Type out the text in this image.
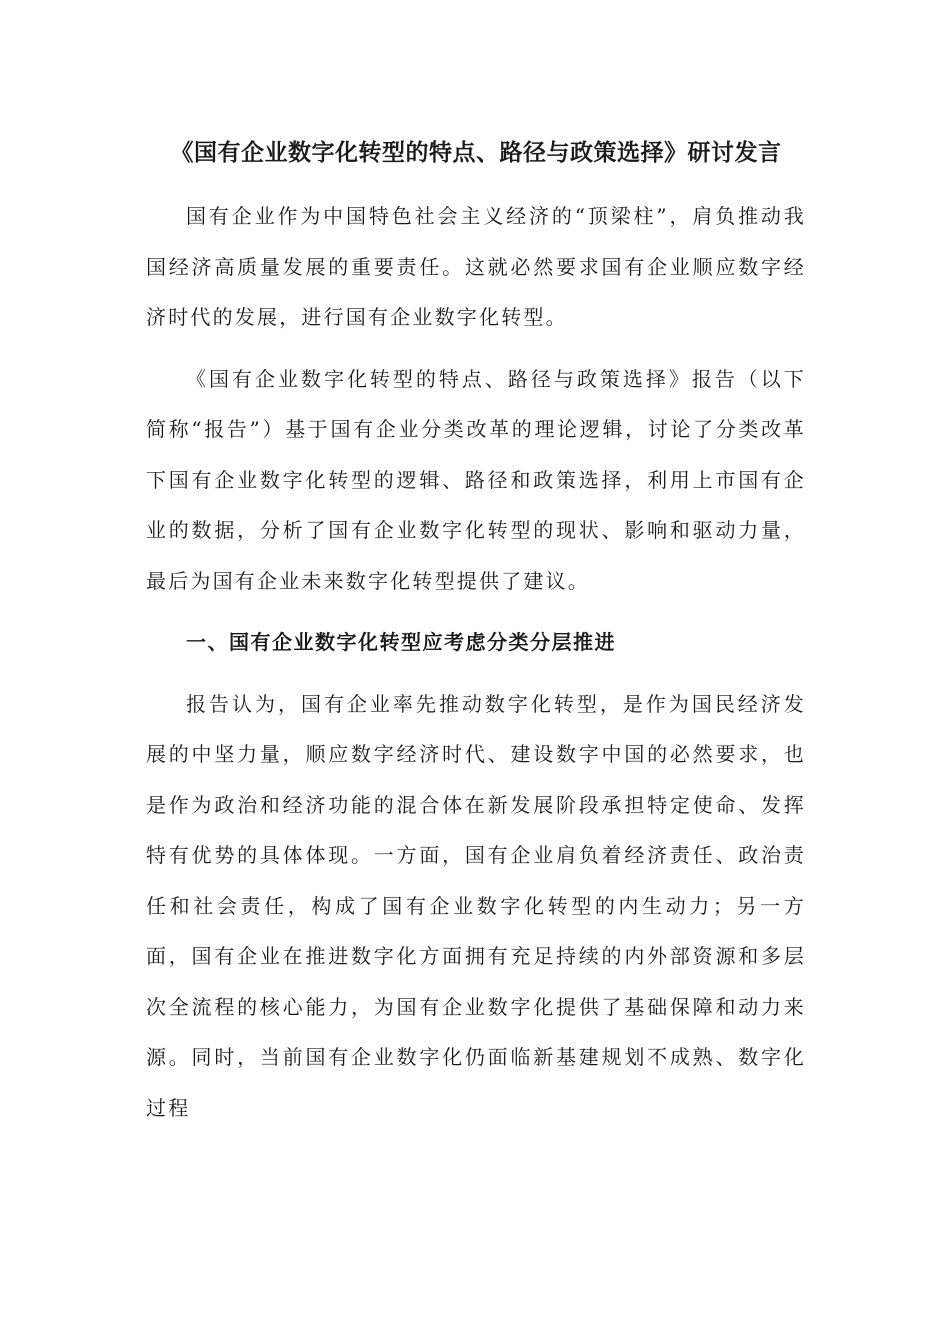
《国有企业数字化转型的特点、路径与政策选择》研讨发言

国有企业作为中国特色社会主义经济的“顶梁柱”，肩负推动我国经济高质量发展的重要责任。这就必然要求国有企业顺应数字经济时代的发展，进行国有企业数字化转型。

《国有企业数字化转型的特点、路径与政策选择》报告（以下简称“报告”）基于国有企业分类改革的理论逻辑，讨论了分类改革下国有企业数字化转型的逻辑、路径和政策选择，利用上市国有企业的数据，分析了国有企业数字化转型的现状、影响和驱动力量，最后为国有企业未来数字化转型提供了建议。

一、国有企业数字化转型应考虑分类分层推进

报告认为，国有企业率先推动数字化转型，是作为国民经济发展的中坚力量，顺应数字经济时代、建设数字中国的必然要求，也是作为政治和经济功能的混合体在新发展阶段承担特定使命、发挥特有优势的具体体现。一方面，国有企业肩负着经济责任、政治责任和社会责任，构成了国有企业数字化转型的内生动力；另一方面，国有企业在推进数字化方面拥有充足持续的内外部资源和多层次全流程的核心能力，为国有企业数字化提供了基础保障和动力来源。同时，当前国有企业数字化仍面临新基建规划不成熟、数字化过程
